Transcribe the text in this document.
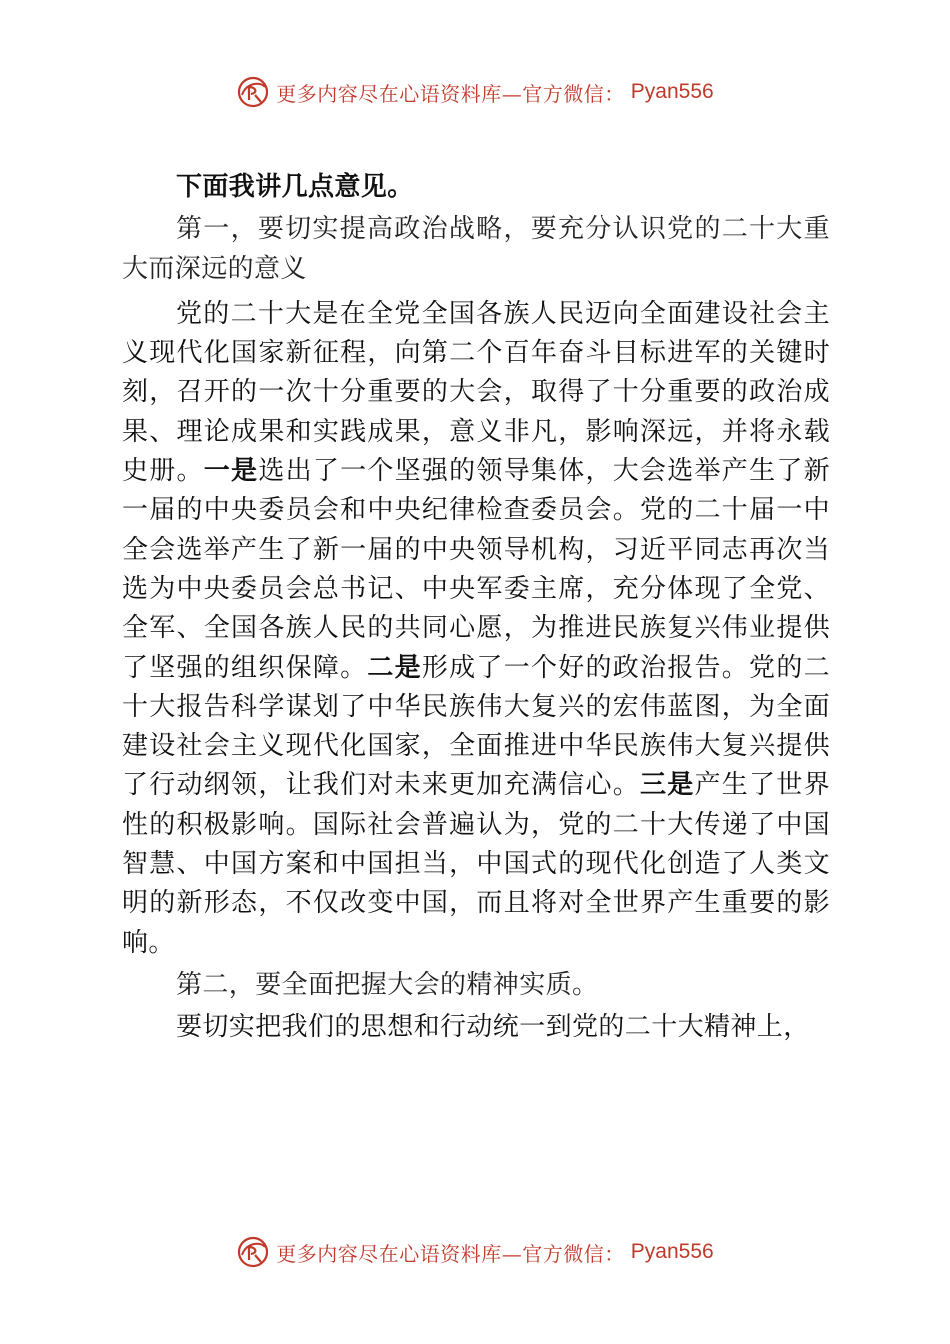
更多内容尽在心语资料库—官方微信： Pyan556

下面我讲几点意见。

第一，要切实提高政治战略，要充分认识党的二十大重大而深远的意义

党的二十大是在全党全国各族人民迈向全面建设社会主义现代化国家新征程，向第二个百年奋斗目标进军的关键时刻，召开的一次十分重要的大会，取得了十分重要的政治成果、理论成果和实践成果，意义非凡，影响深远，并将永载史册。一是选出了一个坚强的领导集体，大会选举产生了新一届的中央委员会和中央纪律检查委员会。党的二十届一中全会选举产生了新一届的中央领导机构，习近平同志再次当选为中央委员会总书记、中央军委主席，充分体现了全党、全军、全国各族人民的共同心愿，为推进民族复兴伟业提供了坚强的组织保障。二是形成了一个好的政治报告。党的二十大报告科学谋划了中华民族伟大复兴的宏伟蓝图，为全面建设社会主义现代化国家，全面推进中华民族伟大复兴提供了行动纲领，让我们对未来更加充满信心。三是产生了世界性的积极影响。国际社会普遍认为，党的二十大传递了中国智慧、中国方案和中国担当，中国式的现代化创造了人类文明的新形态，不仅改变中国，而且将对全世界产生重要的影响。

第二，要全面把握大会的精神实质。

要切实把我们的思想和行动统一到党的二十大精神上，

更多内容尽在心语资料库—官方微信： Pyan556
